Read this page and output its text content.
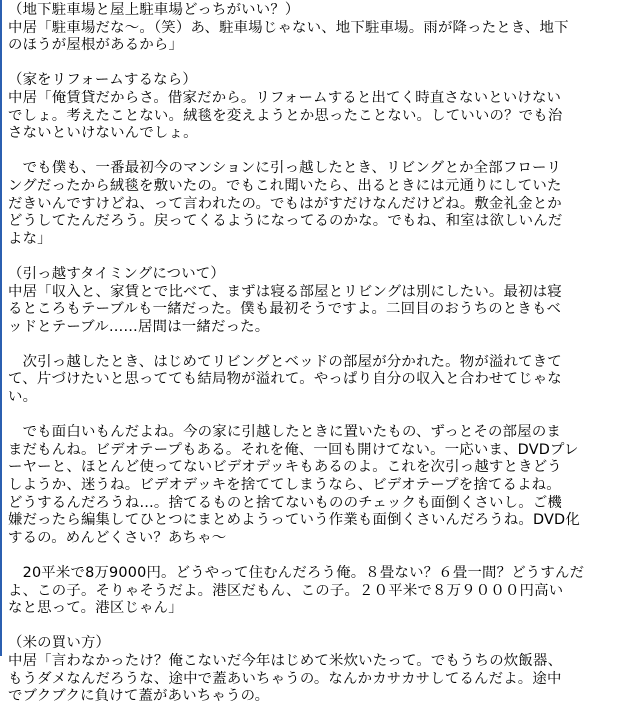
（地下駐車場と屋上駐車場どっちがいい？）
中居「駐車場だな～。（笑）あ、駐車場じゃない、地下駐車場。雨が降ったとき、地下
のほうが屋根があるから」
（家をリフォームするなら）
中居「俺賃貸だからさ。借家だから。リフォームすると出てく時直さないといけない
でしょ。考えたことない。絨毯を変えようとか思ったことない。していいの？でも治
さないといけないんでしょ。
　でも僕も、一番最初今のマンションに引っ越したとき、リビングとか全部フローリ
ングだったから絨毯を敷いたの。でもこれ聞いたら、出るときには元通りにしていた
だきいんですけどね、って言われたの。でもはがすだけなんだけどね。敷金礼金とか
どうしてたんだろう。戻ってくるようになってるのかな。でもね、和室は欲しいんだ
よな」
（引っ越すタイミングについて）
中居「収入と、家賃とで比べて、まずは寝る部屋とリビングは別にしたい。最初は寝
るところもテーブルも一緒だった。僕も最初そうですよ。二回目のおうちのときもベ
ッドとテーブル……居間は一緒だった。
　次引っ越したとき、はじめてリビングとベッドの部屋が分かれた。物が溢れてきて
て、片づけたいと思ってても結局物が溢れて。やっぱり自分の収入と合わせてじゃな
い。
　でも面白いもんだよね。今の家に引越したときに置いたもの、ずっとその部屋のま
まだもんね。ビデオテープもある。それを俺、一回も開けてない。一応いま、DVDプレ
ーヤーと、ほとんど使ってないビデオデッキもあるのよ。これを次引っ越すときどう
しようか、迷うね。ビデオデッキを捨ててしまうなら、ビデオテープを捨てるよね。
どうするんだろうね…。捨てるものと捨てないもののチェックも面倒くさいし。ご機
嫌だったら編集してひとつにまとめようっていう作業も面倒くさいんだろうね。DVD化
するの。めんどくさい？あちゃ～
　20平米で8万9000円。どうやって住むんだろう俺。８畳ない？６畳一間？どうすんだ
よ、この子。そりゃそうだよ。港区だもん、この子。２０平米で８万９０００円高い
なと思って。港区じゃん」
（米の買い方）
中居「言わなかったけ？俺こないだ今年はじめて米炊いたって。でもうちの炊飯器、
もうダメなんだろうな、途中で蓋あいちゃうの。なんかカサカサしてるんだよ。途中
でブクブクに負けて蓋があいちゃうの。
